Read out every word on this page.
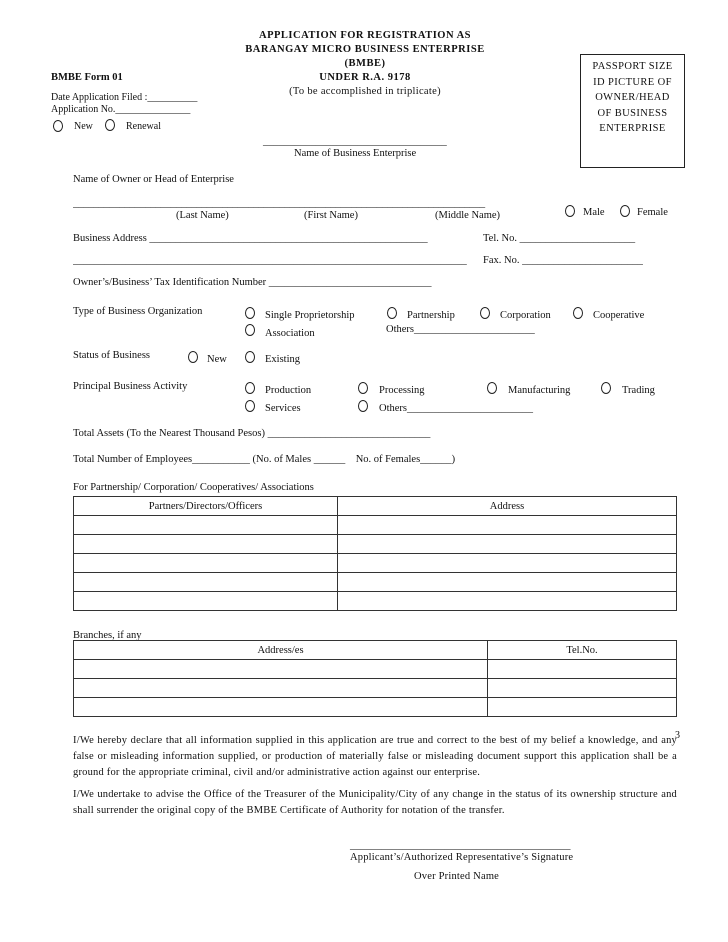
APPLICATION FOR REGISTRATION AS
BARANGAY MICRO BUSINESS ENTERPRISE
(BMBE)
UNDER R.A. 9178
(To be accomplished in triplicate)
BMBE Form 01
Date Application Filed :__________
Application No._______________
New	Renewal
PASSPORT SIZE
ID PICTURE OF
OWNER/HEAD
OF BUSINESS
ENTERPRISE
___________________________________
Name of Business Enterprise
Name of Owner or Head of Enterprise
________________________________________________________________________________
(Last Name)	(First Name)	(Middle Name)	Male	Female
Business Address _____________________________________________________	Tel. No. ______________________
___________________________________________________________________________	Fax. No. _______________________
Owner’s/Business’ Tax Identification Number _______________________________
Type of Business Organization	Single Proprietorship	Partnership	Corporation	Cooperative
Association	Others_______________________
Status of Business	New	Existing
Principal Business Activity	Production	Processing	Manufacturing	Trading
Services	Others________________________
Total Assets (To the Nearest Thousand Pesos) _______________________________
Total Number of Employees___________ (No. of Males ______    No. of Females______)
For Partnership/ Corporation/ Cooperatives/ Associations
Partners/Directors/Officers	Address

Branches, if any
Address/es	Tel.No.

I/We hereby declare that all information supplied in this application are true and correct to the best of my belief a knowledge, and any false or misleading information supplied, or production of materially false or misleading document support this application shall be a ground for the appropriate criminal, civil and/or administrative action against our enterprise.
3
I/We undertake to advise the Office of the Treasurer of the Municipality/City of any change in the status of its ownership structure and shall surrender the original copy of the BMBE Certificate of Authority for notation of the transfer.
__________________________________________
Applicant’s/Authorized Representative’s Signature
Over Printed Name
